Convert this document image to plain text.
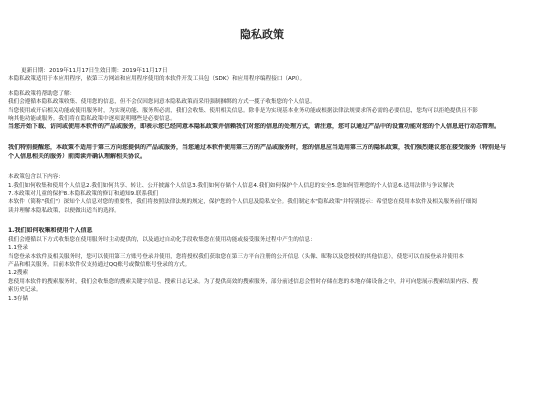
隐私政策
更新日期：2019年11月17日生效日期：2019年11月17日
本隐私政策适用于本应用程序，依第三方网站和应用程序使用的本软件开发工具包（SDK）和应用程序编程接口（API）。
本隐私政策将帮助您了解：
我们会遵循本隐私政策收集、使用您的信息，但不会仅因您同意本隐私政策而采用强制捆绑的方式一揽子收集您的个人信息。
当您使用或开启相关功能或使用服务时，为实现功能、服务所必需，我们会收集、使用相关信息。除非是为实现基本业务功能或根据法律法规要求所必需的必要信息，您均可以拒绝提供且不影
响其他功能或服务。我们将在隐私政策中逐项说明哪些是必要信息。
当您开始下载、访问或使用本软件的产品或服务，即表示您已经同意本隐私政策并信赖我们对您的信息的处理方式，请注意，您可以通过产品中的设置功能对您的个人信息进行动态管理。
我们特别提醒您，本政策不适用于第三方向您提供的产品或服务，当您通过本软件使用第三方的产品或服务时，您的信息应当适用第三方的隐私政策，我们强烈建议您在接受服务（特别是与
个人信息相关的服务）前阅读并确认理解相关协议。
本政策包含以下内容：
1.我们如何收集和使用个人信息2.我们如何共享、转让、公开披露个人信息3.我们如何存储个人信息4.我们如何保护个人信息的安全5.您如何管理您的个人信息6.适用法律与争议解决
7.本政策对儿童的保护8.本隐私政策的修订和通知9.联系我们
本软件（简称"我们"）深知个人信息对您的重要性，我们将按照法律法规的规定，保护您的个人信息及隐私安全。我们制定本"隐私政策"并特别提示：希望您在使用本软件及相关服务前仔细阅
读并理解本隐私政策，以便做出适当的选择。
1.我们如何收集和使用个人信息
我们会遵循以下方式收集您在使用服务时主动提供的，以及通过自动化手段收集您在使用功能或接受服务过程中产生的信息：
1.1登录
当您登录本软件及相关服务时，您可以使用第三方账号登录并使用，您将授权我们获取您在第三方平台注册的公开信息（头像、昵称以及您授权的其他信息），使您可以直接登录并使用本
产品和相关服务。目前本软件仅支持通过QQ账号或微信账号登录的方式。
1.2搜索
您使用本软件的搜索服务时，我们会收集您的搜索关键字信息、搜索日志记录。为了提供高效的搜索服务，部分前述信息会暂时存储在您的本地存储设备之中，并可向您展示搜索结果内容、搜
索历史记录。
1.3存储
